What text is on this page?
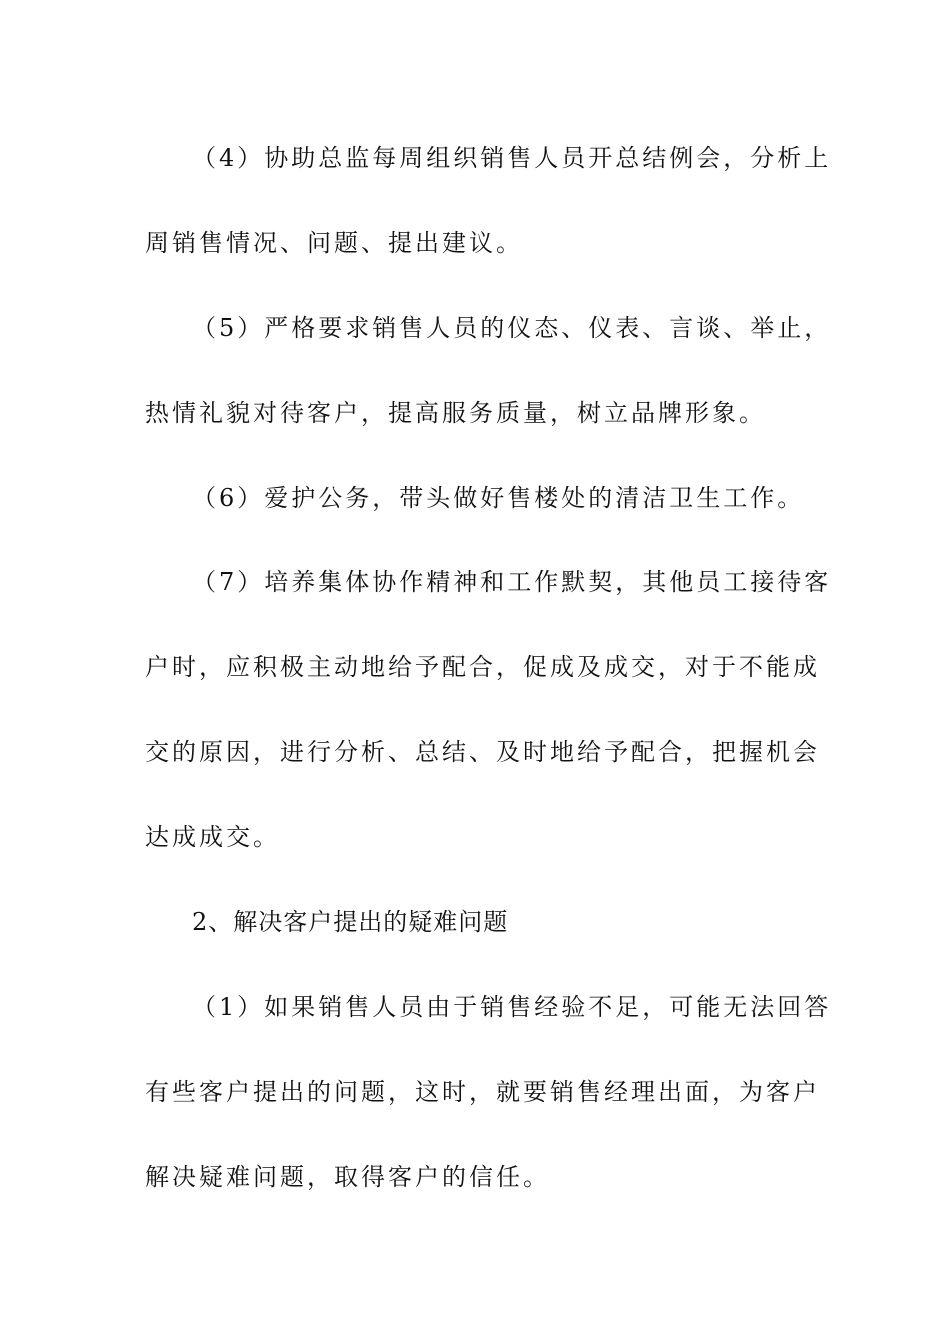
（4）协助总监每周组织销售人员开总结例会，分析上
周销售情况、问题、提出建议。
（5）严格要求销售人员的仪态、仪表、言谈、举止，
热情礼貌对待客户，提高服务质量，树立品牌形象。
（6）爱护公务，带头做好售楼处的清洁卫生工作。
（7）培养集体协作精神和工作默契，其他员工接待客
户时，应积极主动地给予配合，促成及成交，对于不能成
交的原因，进行分析、总结、及时地给予配合，把握机会
达成成交。
2、解决客户提出的疑难问题
（1）如果销售人员由于销售经验不足，可能无法回答
有些客户提出的问题，这时，就要销售经理出面，为客户
解决疑难问题，取得客户的信任。
